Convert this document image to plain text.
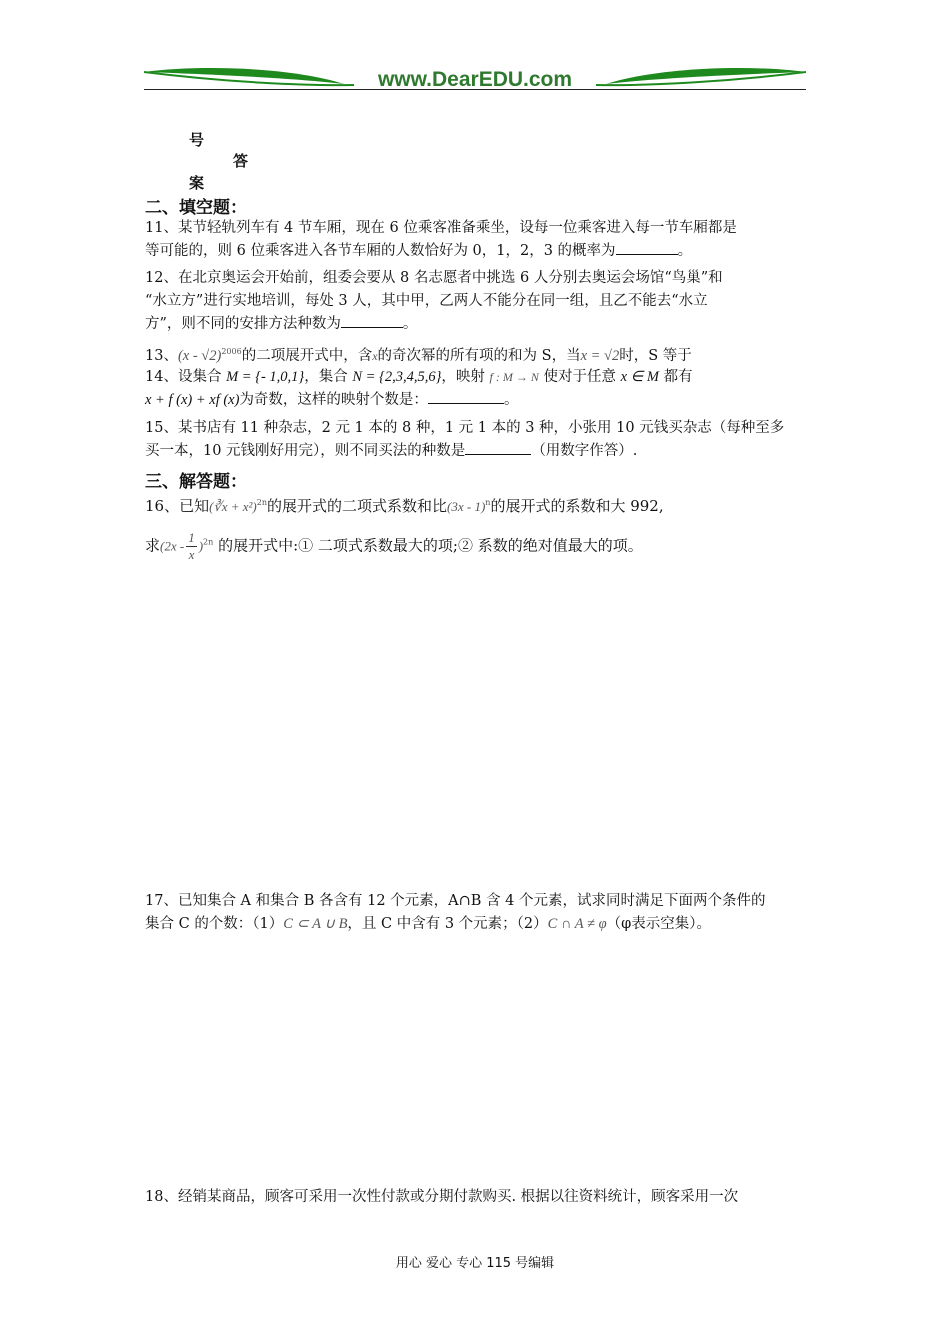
www.DearEDU.com
号
答
案
二、填空题：
11、某节轻轨列车有 4 节车厢，现在 6 位乘客准备乘坐，设每一位乘客进入每一节车厢都是
等可能的，则 6 位乘客进入各节车厢的人数恰好为 0，1，2，3 的概率为	。
12、在北京奥运会开始前，组委会要从 8 名志愿者中挑选 6 人分别去奥运会场馆“鸟巢”和
“水立方”进行实地培训，每处 3 人，其中甲，乙两人不能分在同一组，且乙不能去“水立
方”，则不同的安排方法种数为	。
13、(x - √2)$^{2006}$的二项展开式中，含x的奇次幂的所有项的和为 S，当x = √2时，S 等于
14、设集合 M = {- 1,0,1}，集合 N = {2,3,4,5,6}，映射 f : M → N 使对于任意 x ∈ M 都有
x + f (x) + xf (x)为奇数，这样的映射个数是：	。
15、某书店有 11 种杂志，2 元 1 本的 8 种，1 元 1 本的 3 种，小张用 10 元钱买杂志（每种至多
买一本，10 元钱刚好用完），则不同买法的种数是	（用数字作答）.
三、解答题：
16、已知(∛x + x²)$^{2n}$的展开式的二项式系数和比(3x - 1)$^n$的展开式的系数和大 992,
求$(2x - \frac{1}{x} )^{2n}$ 的展开式中:① 二项式系数最大的项;② 系数的绝对值最大的项。
17、已知集合 A 和集合 B 各含有 12 个元素，A∩B 含 4 个元素，试求同时满足下面两个条件的
集合 C 的个数：（1）C ⊂ A ∪ B，且 C 中含有 3 个元素；（2）C ∩ A ≠ φ（φ表示空集）。
18、经销某商品，顾客可采用一次性付款或分期付款购买. 根据以往资料统计，顾客采用一次
用心 爱心 专心 115 号编辑
